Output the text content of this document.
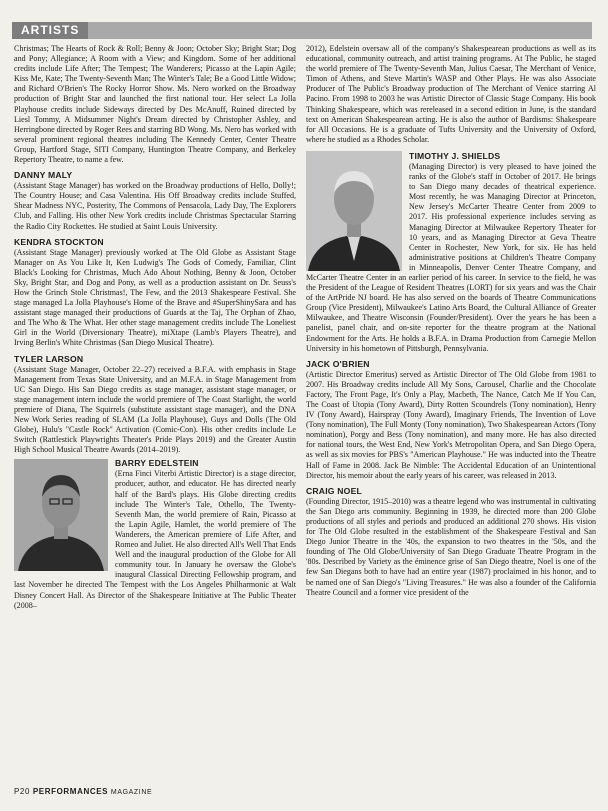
ARTISTS

Christmas; The Hearts of Rock & Roll; Benny & Joon; October Sky; Bright Star; Dog and Pony; Allegiance; A Room with a View; and Kingdom. Some of her additional credits include Life After; The Tempest; The Wanderers; Picasso at the Lapin Agile; Kiss Me, Kate; The Twenty-Seventh Man; The Winter's Tale; Be a Good Little Widow; and Richard O'Brien's The Rocky Horror Show. Ms. Nero worked on the Broadway production of Bright Star and launched the first national tour. Her select La Jolla Playhouse credits include Sideways directed by Des McAnuff, Ruined directed by Liesl Tommy, A Midsummer Night's Dream directed by Christopher Ashley, and Herringbone directed by Roger Rees and starring BD Wong. Ms. Nero has worked with several prominent regional theatres including The Kennedy Center, Center Theatre Group, Hartford Stage, SITI Company, Huntington Theatre Company, and Berkeley Repertory Theatre, to name a few.

DANNY MALY

(Assistant Stage Manager) has worked on the Broadway productions of Hello, Dolly!; The Country House; and Casa Valentina. His Off Broadway credits include Stuffed, Shear Madness NYC, Posterity, The Commons of Pensacola, Lady Day, The Explorers Club, and Falling. His other New York credits include Christmas Spectacular Starring the Radio City Rockettes. He studied at Saint Louis University.

KENDRA STOCKTON

(Assistant Stage Manager) previously worked at The Old Globe as Assistant Stage Manager on As You Like It, Ken Ludwig's The Gods of Comedy, Familiar, Clint Black's Looking for Christmas, Much Ado About Nothing, Benny & Joon, October Sky, Bright Star, and Dog and Pony, as well as a production assistant on Dr. Seuss's How the Grinch Stole Christmas!, The Few, and the 2013 Shakespeare Festival. She stage managed La Jolla Playhouse's Home of the Brave and #SuperShinySara and has assistant stage managed their productions of Guards at the Taj, The Orphan of Zhao, and The Who & The What. Her other stage management credits include The Loneliest Girl in the World (Diversionary Theatre), miXtape (Lamb's Players Theatre), and Irving Berlin's White Christmas (San Diego Musical Theatre).

TYLER LARSON

(Assistant Stage Manager, October 22–27) received a B.F.A. with emphasis in Stage Management from Texas State University, and an M.F.A. in Stage Management from UC San Diego. His San Diego credits as stage manager, assistant stage manager, or stage management intern include the world premiere of The Coast Starlight, the world premiere of Diana, The Squirrels (substitute assistant stage manager), and the DNA New Work Series reading of SLAM (La Jolla Playhouse), Guys and Dolls (The Old Globe), Hulu's "Castle Rock" Activation (Comic-Con). His other credits include Le Switch (Rattlestick Playwrights Theater's Pride Plays 2019) and the Greater Austin High School Musical Theatre Awards (2014–2019).

BARRY EDELSTEIN

(Erna Finci Viterbi Artistic Director) is a stage director, producer, author, and educator. He has directed nearly half of the Bard's plays. His Globe directing credits include The Winter's Tale, Othello, The Twenty-Seventh Man, the world premiere of Rain, Picasso at the Lapin Agile, Hamlet, the world premiere of The Wanderers, the American premiere of Life After, and Romeo and Juliet. He also directed All's Well That Ends Well and the inaugural production of the Globe for All community tour. In January he oversaw the Globe's inaugural Classical Directing Fellowship program, and last November he directed The Tempest with the Los Angeles Philharmonic at Walt Disney Concert Hall. As Director of the Shakespeare Initiative at The Public Theater (2008–

2012), Edelstein oversaw all of the company's Shakespearean productions as well as its educational, community outreach, and artist training programs. At The Public, he staged the world premiere of The Twenty-Seventh Man, Julius Caesar, The Merchant of Venice, Timon of Athens, and Steve Martin's WASP and Other Plays. He was also Associate Producer of The Public's Broadway production of The Merchant of Venice starring Al Pacino. From 1998 to 2003 he was Artistic Director of Classic Stage Company. His book Thinking Shakespeare, which was rereleased in a second edition in June, is the standard text on American Shakespearean acting. He is also the author of Bardisms: Shakespeare for All Occasions. He is a graduate of Tufts University and the University of Oxford, where he studied as a Rhodes Scholar.

TIMOTHY J. SHIELDS

(Managing Director) is very pleased to have joined the ranks of the Globe's staff in October of 2017. He brings to San Diego many decades of theatrical experience. Most recently, he was Managing Director at Princeton, New Jersey's McCarter Theatre Center from 2009 to 2017. His professional experience includes serving as Managing Director at Milwaukee Repertory Theater for 10 years, and as Managing Director at Geva Theatre Center in Rochester, New York, for six. He has held administrative positions at Children's Theatre Company in Minneapolis, Denver Center Theatre Company, and McCarter Theatre Center in an earlier period of his career. In service to the field, he was the President of the League of Resident Theatres (LORT) for six years and was the Chair of the ArtPride NJ board. He has also served on the boards of Theatre Communications Group (Vice President), Milwaukee's Latino Arts Board, the Cultural Alliance of Greater Milwaukee, and Theatre Wisconsin (Founder/President). Over the years he has been a panelist, panel chair, and on-site reporter for the theatre program at the National Endowment for the Arts. He holds a B.F.A. in Drama Production from Carnegie Mellon University in his hometown of Pittsburgh, Pennsylvania.

JACK O'BRIEN

(Artistic Director Emeritus) served as Artistic Director of The Old Globe from 1981 to 2007. His Broadway credits include All My Sons, Carousel, Charlie and the Chocolate Factory, The Front Page, It's Only a Play, Macbeth, The Nance, Catch Me If You Can, The Coast of Utopia (Tony Award), Dirty Rotten Scoundrels (Tony nomination), Henry IV (Tony Award), Hairspray (Tony Award), Imaginary Friends, The Invention of Love (Tony nomination), The Full Monty (Tony nomination), Two Shakespearean Actors (Tony nomination), Porgy and Bess (Tony nomination), and many more. He has also directed for national tours, the West End, New York's Metropolitan Opera, and San Diego Opera, as well as six movies for PBS's "American Playhouse." He was inducted into the Theatre Hall of Fame in 2008. Jack Be Nimble: The Accidental Education of an Unintentional Director, his memoir about the early years of his career, was released in 2013.

CRAIG NOEL

(Founding Director, 1915–2010) was a theatre legend who was instrumental in cultivating the San Diego arts community. Beginning in 1939, he directed more than 200 Globe productions of all styles and periods and produced an additional 270 shows. His vision for The Old Globe resulted in the establishment of the Shakespeare Festival and San Diego Junior Theatre in the '40s, the expansion to two theatres in the '50s, and the founding of The Old Globe/University of San Diego Graduate Theatre Program in the '80s. Described by Variety as the éminence grise of San Diego theatre, Noel is one of the few San Diegans both to have had an entire year (1987) proclaimed in his honor, and to be named one of San Diego's "Living Treasures." He was also a founder of the California Theatre Council and a former vice president of the

P20 PERFORMANCES MAGAZINE
